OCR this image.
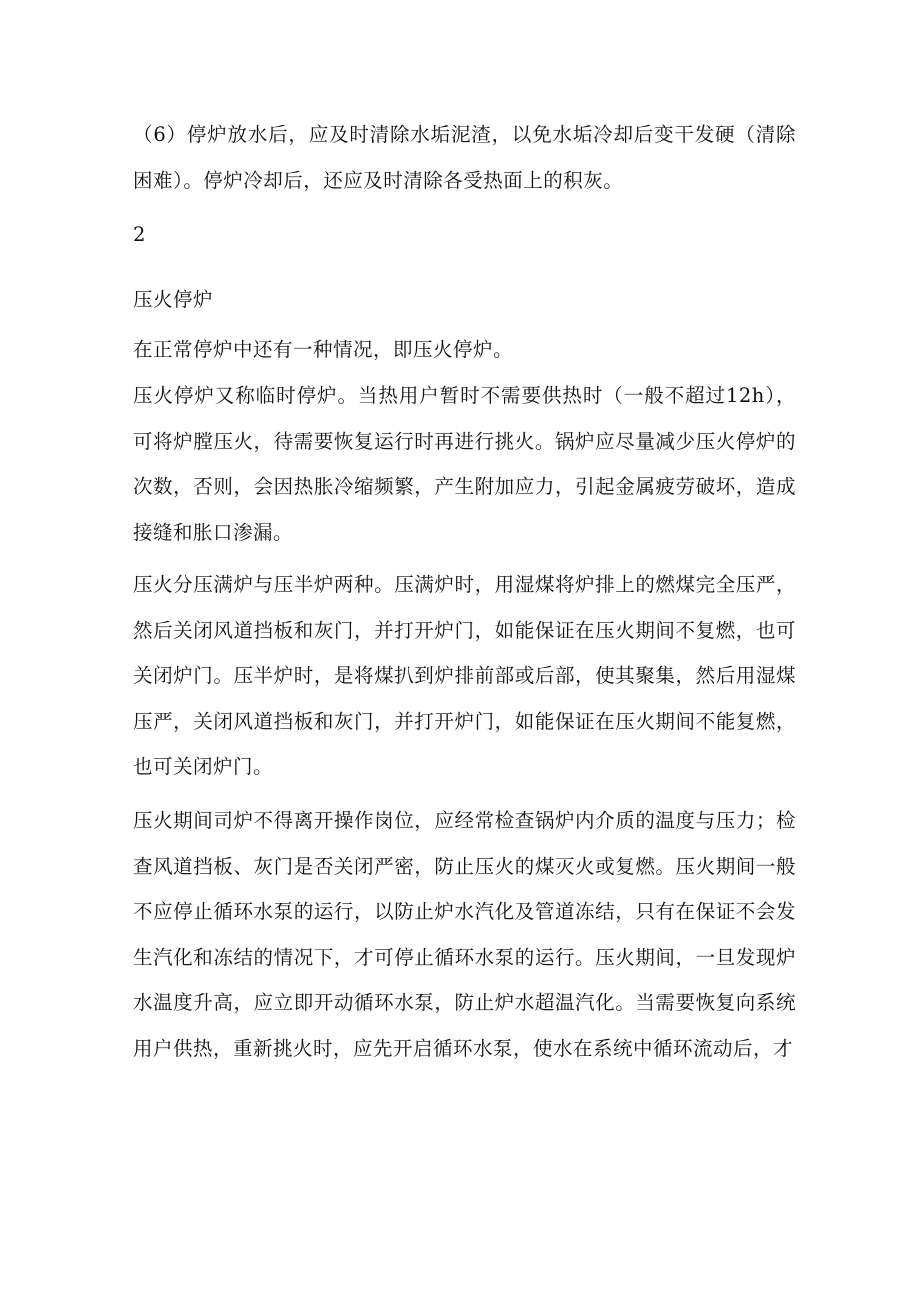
（6）停炉放水后，应及时清除水垢泥渣，以免水垢冷却后变干发硬（清除困难）。停炉冷却后，还应及时清除各受热面上的积灰。
2
压火停炉
在正常停炉中还有一种情况，即压火停炉。
压火停炉又称临时停炉。当热用户暂时不需要供热时（一般不超过12h），可将炉膛压火，待需要恢复运行时再进行挑火。锅炉应尽量减少压火停炉的次数，否则，会因热胀冷缩频繁，产生附加应力，引起金属疲劳破坏，造成接缝和胀口渗漏。
压火分压满炉与压半炉两种。压满炉时，用湿煤将炉排上的燃煤完全压严，然后关闭风道挡板和灰门，并打开炉门，如能保证在压火期间不复燃，也可关闭炉门。压半炉时，是将煤扒到炉排前部或后部，使其聚集，然后用湿煤压严，关闭风道挡板和灰门，并打开炉门，如能保证在压火期间不能复燃，也可关闭炉门。
压火期间司炉不得离开操作岗位，应经常检查锅炉内介质的温度与压力；检查风道挡板、灰门是否关闭严密，防止压火的煤灭火或复燃。压火期间一般不应停止循环水泵的运行，以防止炉水汽化及管道冻结，只有在保证不会发生汽化和冻结的情况下，才可停止循环水泵的运行。压火期间，一旦发现炉水温度升高，应立即开动循环水泵，防止炉水超温汽化。当需要恢复向系统用户供热，重新挑火时，应先开启循环水泵，使水在系统中循环流动后，才
